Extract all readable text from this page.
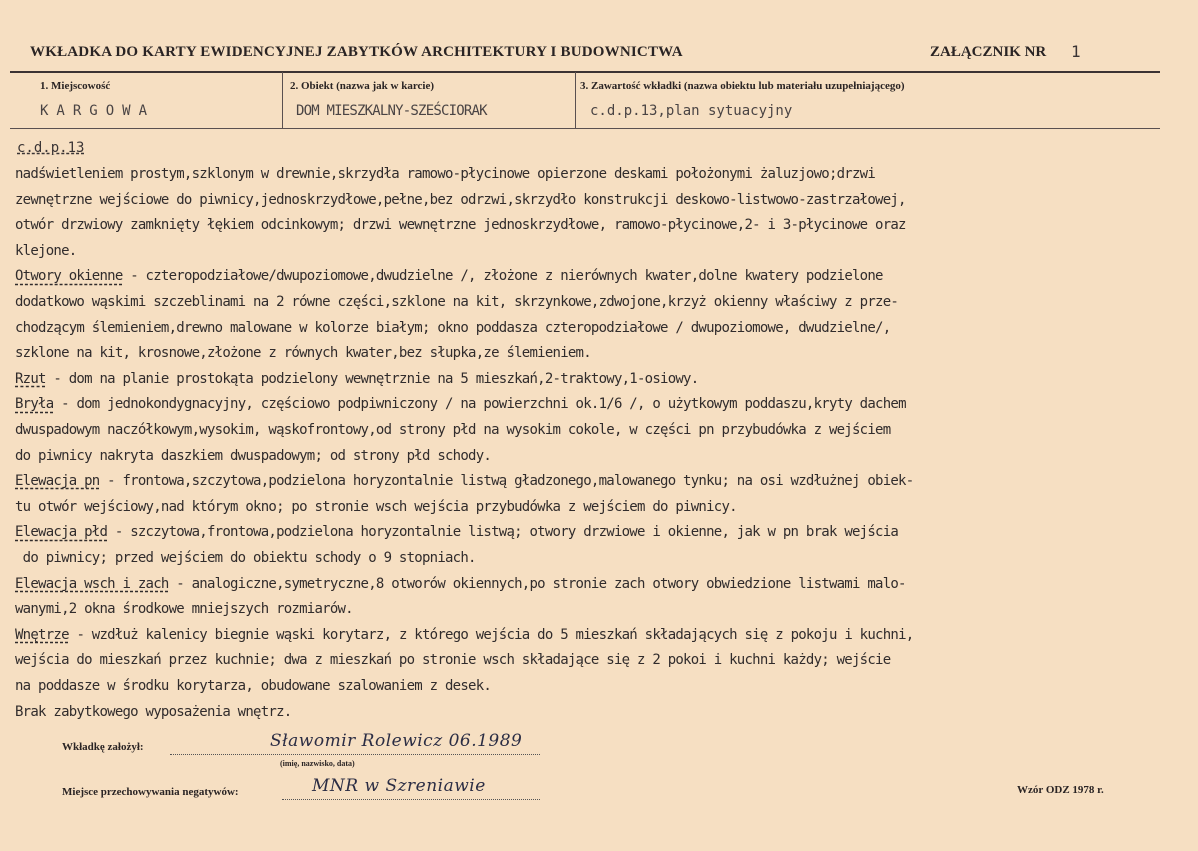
WKŁADKA DO KARTY EWIDENCYJNEJ ZABYTKÓW ARCHITEKTURY I BUDOWNICTWA	ZAŁĄCZNIK NR 1
1. Miejscowość	2. Obiekt (nazwa jak w karcie)	3. Zawartość wkładki (nazwa obiektu lub materiału uzupełniającego)
KARGOWA	DOM MIESZKALNY-SZEŚCIORAK	c.d.p.13,plan sytuacyjny
c.d.p.13
nadświetleniem prostym,szklonym w drewnie,skrzydła ramowo-płycinowe opierzone deskami położonymi żaluzjowo;drzwi
zewnętrzne wejściowe do piwnicy,jednoskrzydłowe,pełne,bez odrzwi,skrzydło konstrukcji deskowo-listwowo-zastrzałowej,
otwór drzwiowy zamknięty łękiem odcinkowym; drzwi wewnętrzne jednoskrzydłowe, ramowo-płycinowe,2- i 3-płycinowe oraz
klejone.
Otwory okienne - czteropodziałowe/dwupoziomowe,dwudzielne /, złożone z nierównych kwater,dolne kwatery podzielone
dodatkowo wąskimi szczeblinami na 2 równe części,szklone na kit, skrzynkowe,zdwojone,krzyż okienny właściwy z prze-
chodzącym ślemieniem,drewno malowane w kolorze białym; okno poddasza czteropodziałowe / dwupoziomowe, dwudzielne/,
szklone na kit, krosnowe,złożone z równych kwater,bez słupka,ze ślemieniem.
Rzut - dom na planie prostokąta podzielony wewnętrznie na 5 mieszkań,2-traktowy,1-osiowy.
Bryła - dom jednokondygnacyjny, częściowo podpiwniczony / na powierzchni ok.1/6 /, o użytkowym poddaszu,kryty dachem
dwuspadowym naczółkowym,wysokim, wąskofrontowy,od strony płd na wysokim cokole, w części pn przybudówka z wejściem
do piwnicy nakryta daszkiem dwuspadowym; od strony płd schody.
Elewacja pn - frontowa,szczytowa,podzielona horyzontalnie listwą gładzonego,malowanego tynku; na osi wzdłużnej obiek-
tu otwór wejściowy,nad którym okno; po stronie wsch wejścia przybudówka z wejściem do piwnicy.
Elewacja płd - szczytowa,frontowa,podzielona horyzontalnie listwą; otwory drzwiowe i okienne, jak w pn brak wejścia
do piwnicy; przed wejściem do obiektu schody o 9 stopniach.
Elewacja wsch i zach - analogiczne,symetryczne,8 otworów okiennych,po stronie zach otwory obwiedzione listwami malo-
wanymi,2 okna środkowe mniejszych rozmiarów.
Wnętrze - wzdłuż kalenicy biegnie wąski korytarz, z którego wejścia do 5 mieszkań składających się z pokoju i kuchni,
wejścia do mieszkań przez kuchnie; dwa z mieszkań po stronie wsch składające się z 2 pokoi i kuchni każdy; wejście
na poddasze w środku korytarza, obudowane szalowaniem z desek.
Brak zabytkowego wyposażenia wnętrz.
Wkładkę założył:	Sławomir Rolewicz 06.1989
(imię, nazwisko, data)
Miejsce przechowywania negatywów:	MNR w Szreniawie	Wzór ODZ 1978 r.
